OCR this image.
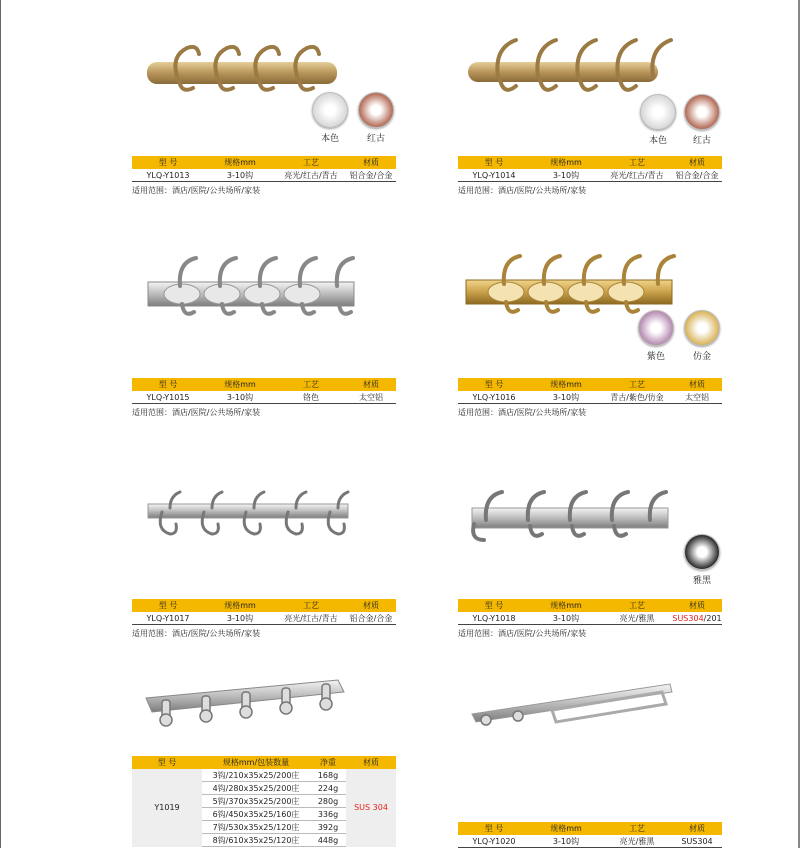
本色	红古
型 号	规格mm	工艺	材质
YLQ-Y1013	3-10钩	亮光/红古/青古	铝合金/合金
适用范围：酒店/医院/公共场所/家装
本色	红古
型 号	规格mm	工艺	材质
YLQ-Y1014	3-10钩	亮光/红古/青古	铝合金/合金
适用范围：酒店/医院/公共场所/家装
型 号	规格mm	工艺	材质
YLQ-Y1015	3-10钩	铬色	太空铝
适用范围：酒店/医院/公共场所/家装
紫色	仿金
型 号	规格mm	工艺	材质
YLQ-Y1016	3-10钩	青古/紫色/仿金	太空铝
适用范围：酒店/医院/公共场所/家装
型 号	规格mm	工艺	材质
YLQ-Y1017	3-10钩	亮光/红古/青古	铝合金/合金
适用范围：酒店/医院/公共场所/家装
雅黑
型 号	规格mm	工艺	材质
YLQ-Y1018	3-10钩	亮光/雅黑	SUS304/201
适用范围：酒店/医院/公共场所/家装
型 号	规格mm/包装数量	净重	材质
Y1019	3钩/210x35x25/200庄	168g	SUS 304
	4钩/280x35x25/200庄	224g	
	5钩/370x35x25/200庄	280g	
	6钩/450x35x25/160庄	336g	
	7钩/530x35x25/120庄	392g	
	8钩/610x35x25/120庄	448g	
型 号	规格mm	工艺	材质
YLQ-Y1020	3-10钩	亮光/雅黑	SUS304
